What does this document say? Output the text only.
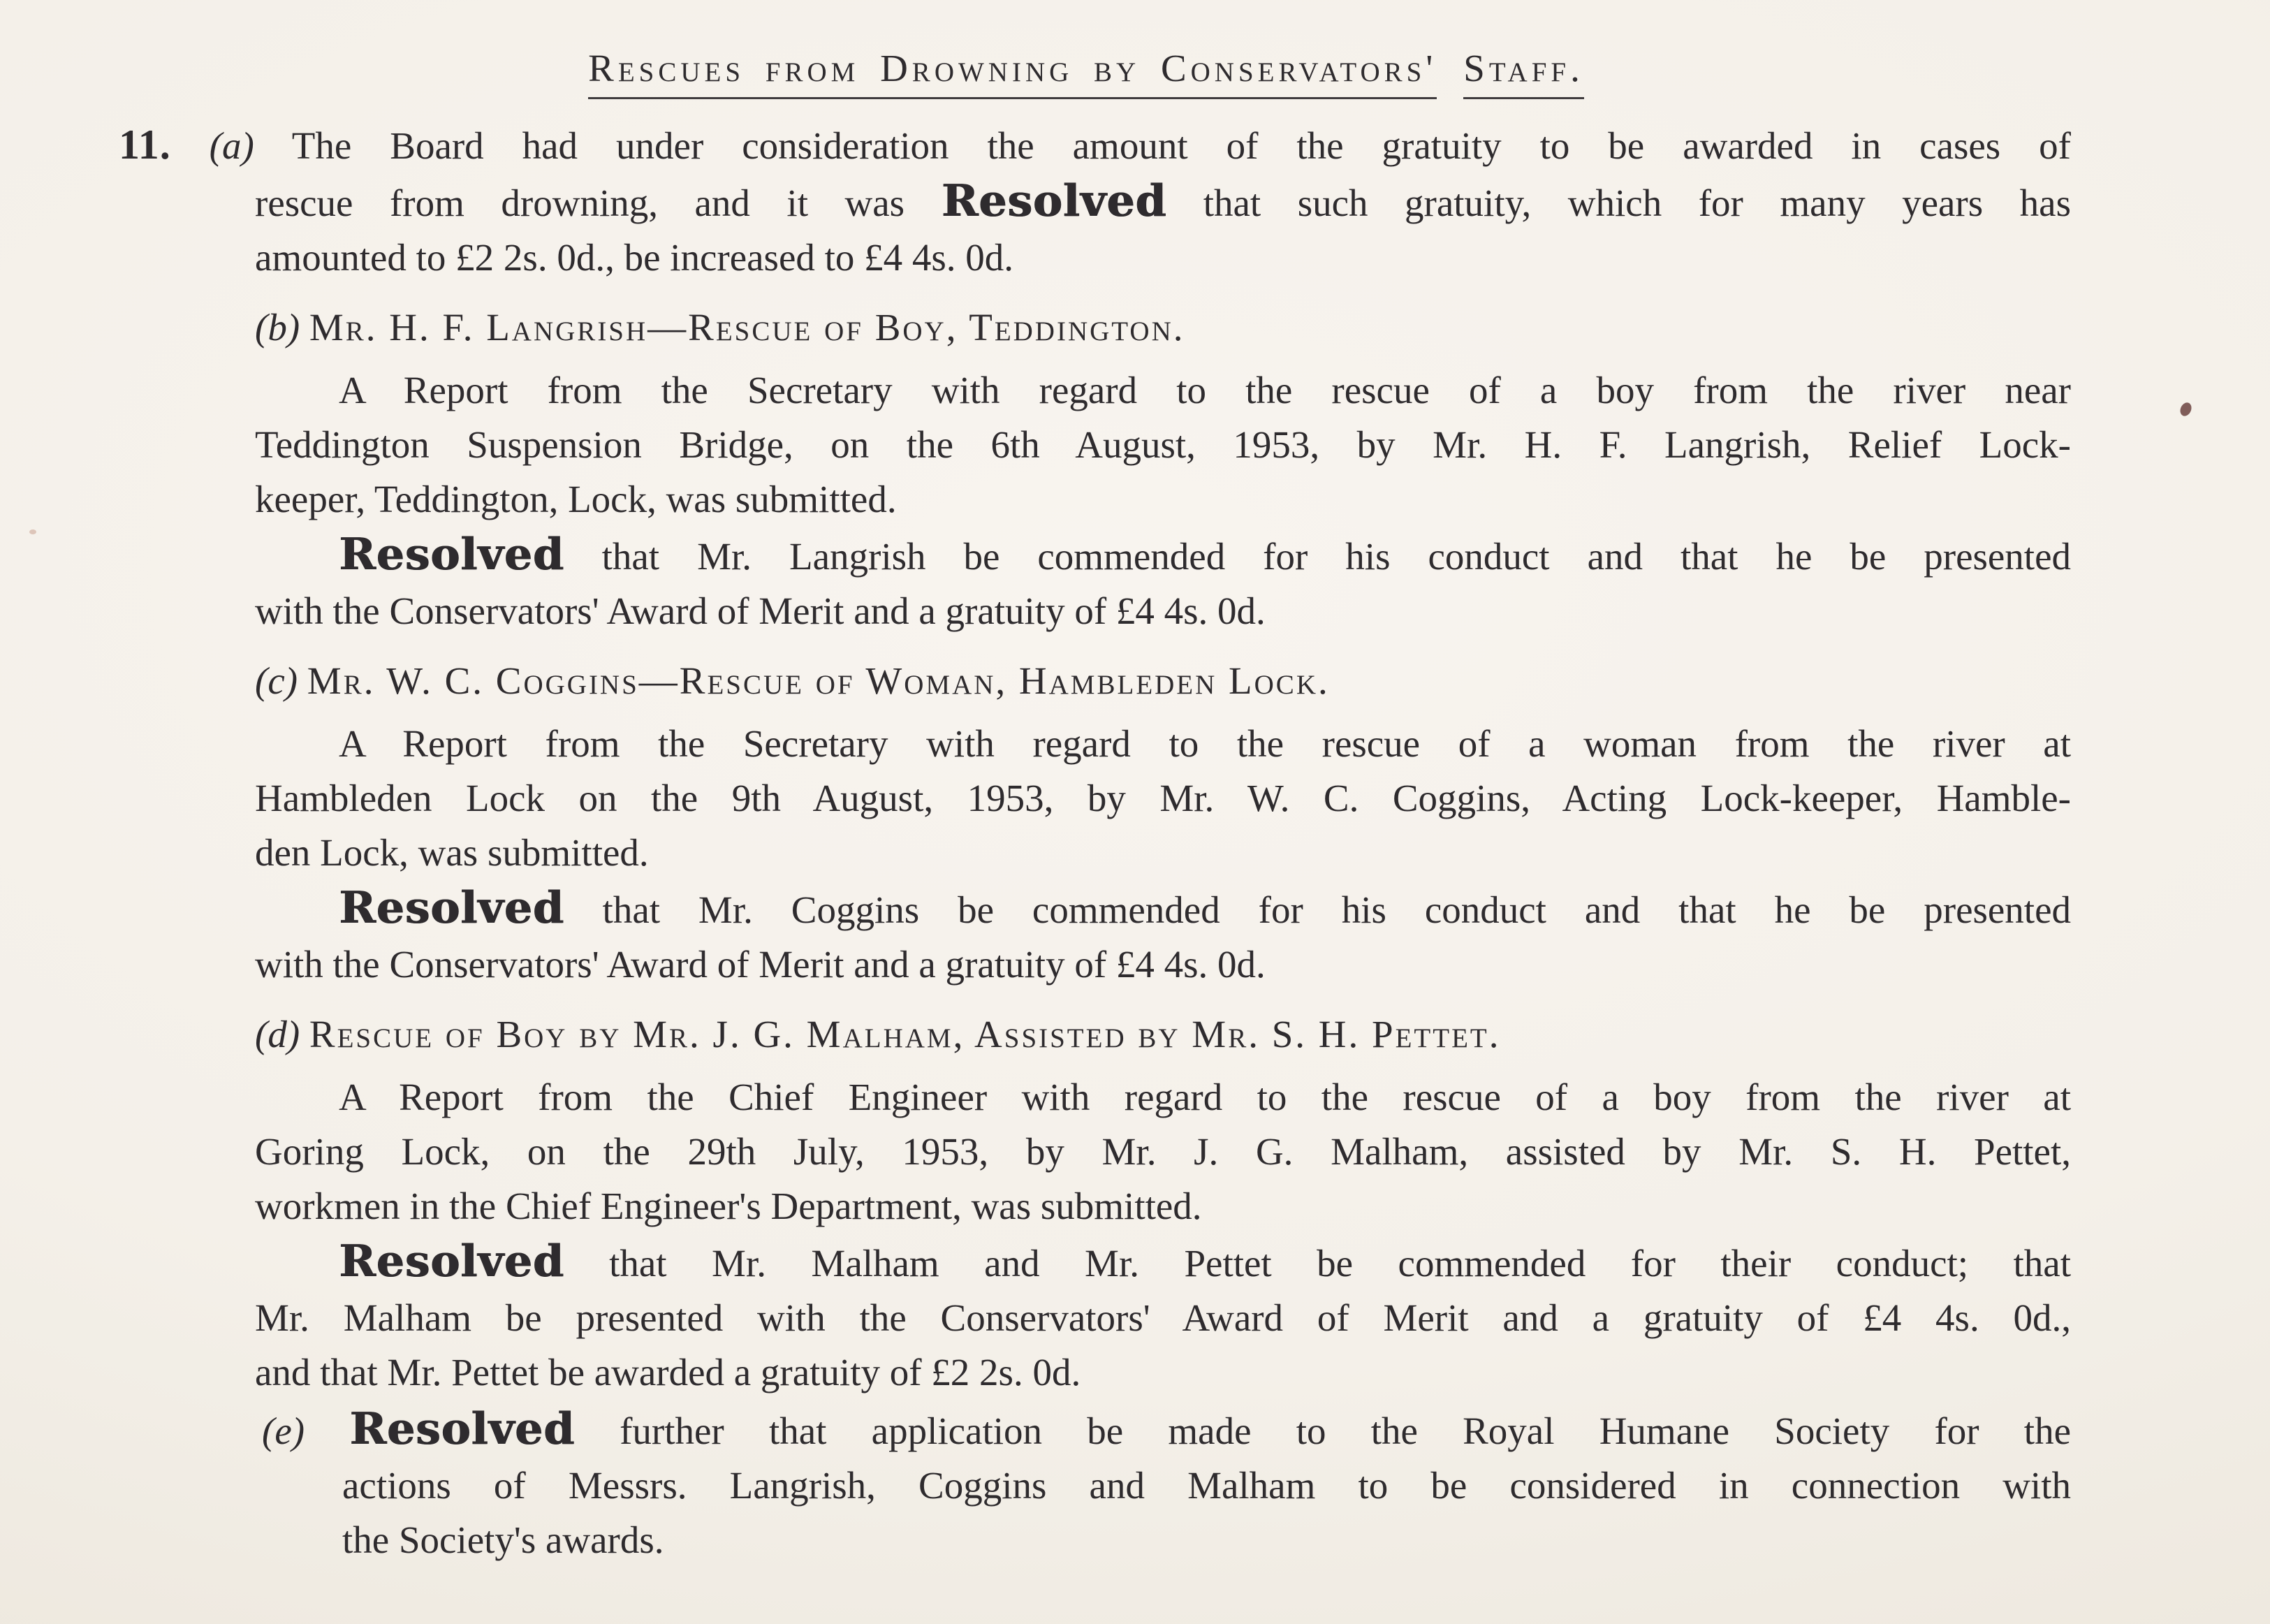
Rescues from Drowning by Conservators' Staff.
11. (a) The Board had under consideration the amount of the gratuity to be awarded in cases of
rescue from drowning, and it was Resolved that such gratuity, which for many years has
amounted to £2 2s. 0d., be increased to £4 4s. 0d.
(b) Mr. H. F. Langrish—Rescue of Boy, Teddington.
A Report from the Secretary with regard to the rescue of a boy from the river near
Teddington Suspension Bridge, on the 6th August, 1953, by Mr. H. F. Langrish, Relief Lock-
keeper, Teddington, Lock, was submitted.
Resolved that Mr. Langrish be commended for his conduct and that he be presented
with the Conservators' Award of Merit and a gratuity of £4 4s. 0d.
(c) Mr. W. C. Coggins—Rescue of Woman, Hambleden Lock.
A Report from the Secretary with regard to the rescue of a woman from the river at
Hambleden Lock on the 9th August, 1953, by Mr. W. C. Coggins, Acting Lock-keeper, Hamble-
den Lock, was submitted.
Resolved that Mr. Coggins be commended for his conduct and that he be presented
with the Conservators' Award of Merit and a gratuity of £4 4s. 0d.
(d) Rescue of Boy by Mr. J. G. Malham, Assisted by Mr. S. H. Pettet.
A Report from the Chief Engineer with regard to the rescue of a boy from the river at
Goring Lock, on the 29th July, 1953, by Mr. J. G. Malham, assisted by Mr. S. H. Pettet,
workmen in the Chief Engineer's Department, was submitted.
Resolved that Mr. Malham and Mr. Pettet be commended for their conduct; that
Mr. Malham be presented with the Conservators' Award of Merit and a gratuity of £4 4s. 0d.,
and that Mr. Pettet be awarded a gratuity of £2 2s. 0d.
(e) Resolved further that application be made to the Royal Humane Society for the
actions of Messrs. Langrish, Coggins and Malham to be considered in connection with
the Society's awards.
